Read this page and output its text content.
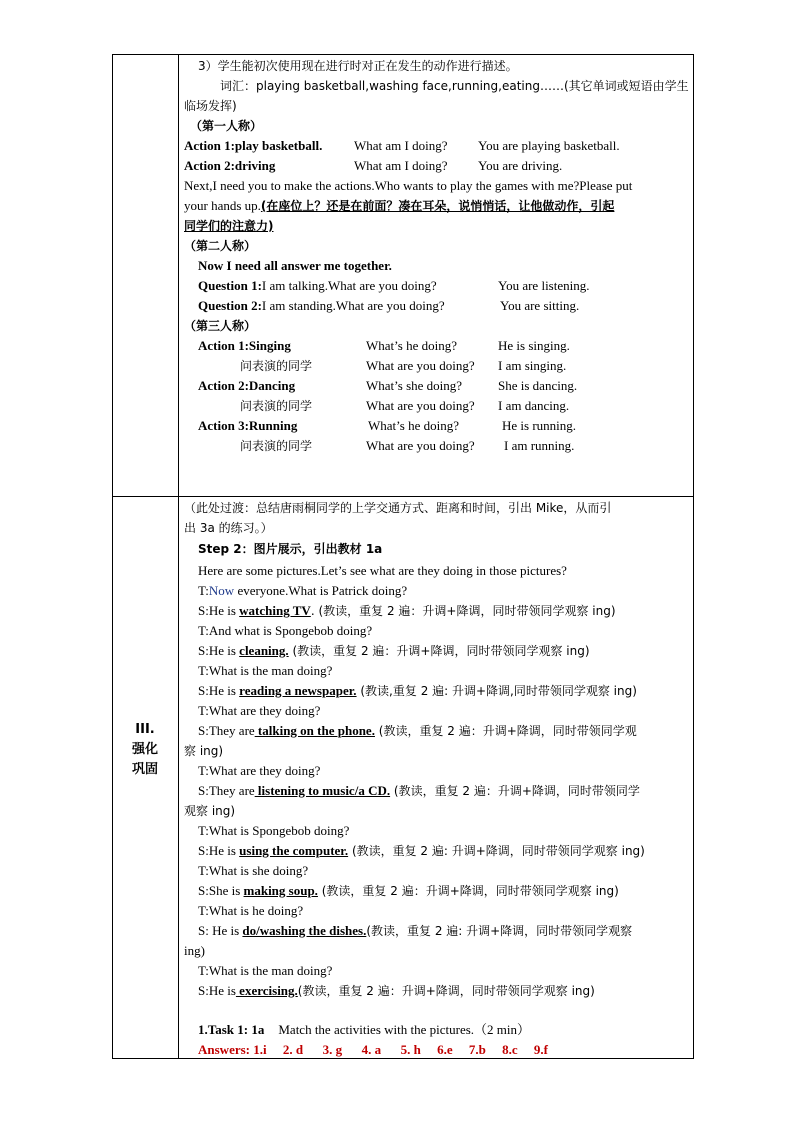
III.
强化
巩固
3）学生能初次使用现在进行时对正在发生的动作进行描述。
词汇：playing basketball,washing face,running,eating……(其它单词或短语由学生
临场发挥)
（第一人称）
Action 1:play basketball. What am I doing? You are playing basketball.
Action 2:driving	What am I doing? You are driving.
Next,I need you to make the actions.Who wants to play the games with me?Please put
your hands up.(在座位上？还是在前面？凑在耳朵，说悄悄话，让他做动作，引起
同学们的注意力)
（第二人称）
Now I need all answer me together.
Question 1:I am talking.What are you doing?	You are listening.
Question 2:I am standing.What are you doing?	You are sitting.
（第三人称）
Action 1:Singing	What’s he doing?	He is singing.
问表演的同学	What are you doing? I am singing.
Action 2:Dancing	What’s she doing?	She is dancing.
问表演的同学	What are you doing? I am dancing.
Action 3:Running	What’s he doing?	He is running.
问表演的同学	What are you doing? I am running.
（此处过渡：总结唐雨桐同学的上学交通方式、距离和时间，引出 Mike，从而引
出 3a 的练习。）
Step 2：图片展示，引出教材 1a
Here are some pictures.Let’s see what are they doing in those pictures?
T:Now everyone.What is Patrick doing?
S:He is watching TV. (教读，重复 2 遍：升调+降调，同时带领同学观察 ing)
T:And what is Spongebob doing?
S:He is cleaning. (教读，重复 2 遍：升调+降调，同时带领同学观察 ing)
T:What is the man doing?
S:He is reading a newspaper. (教读,重复 2 遍: 升调+降调,同时带领同学观察 ing)
T:What are they doing?
S:They are talking on the phone. (教读，重复 2 遍：升调+降调，同时带领同学观
察 ing)
T:What are they doing?
S:They are listening to music/a CD. (教读，重复 2 遍：升调+降调，同时带领同学
观察 ing)
T:What is Spongebob doing?
S:He is using the computer. (教读，重复 2 遍: 升调+降调，同时带领同学观察 ing)
T:What is she doing?
S:She is making soup. (教读，重复 2 遍：升调+降调，同时带领同学观察 ing)
T:What is he doing?
S: He is do/washing the dishes.(教读，重复 2 遍: 升调+降调，同时带领同学观察
ing)
T:What is the man doing?
S:He is exercising.(教读，重复 2 遍：升调+降调，同时带领同学观察 ing)
1.Task 1: 1a Match the activities with the pictures.（2 min）
Answers: 1.i     2. d      3. g      4. a      5. h     6.e     7.b     8.c     9.f
